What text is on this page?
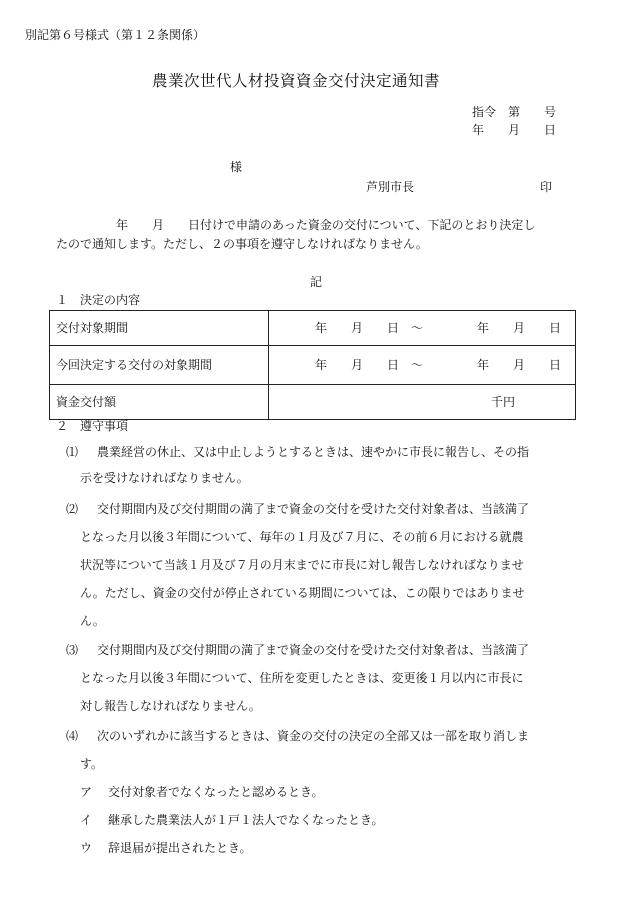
別記第６号様式（第１２条関係）
農業次世代人材投資資金交付決定通知書
指令　第　　号
年　　月　　日
様
芦別市長	印
　　　　　年　　月　　日付けで申請のあった資金の交付について、下記のとおり決定し
たので通知します。ただし、２の事項を遵守しなければなりません。
記
１　決定の内容
交付対象期間	年　　月　　日　～ 年　　月　　日

今回決定する交付の対象期間	年　　月　　日　～ 年　　月　　日

資金交付額	千円
２　遵守事項
⑴ 農業経営の休止、又は中止しようとするときは、速やかに市長に報告し、その指
示を受けなければなりません。
⑵ 交付期間内及び交付期間の満了まで資金の交付を受けた交付対象者は、当該満了
となった月以後３年間について、毎年の１月及び７月に、その前６月における就農
状況等について当該１月及び７月の月末までに市長に対し報告しなければなりませ
ん。ただし、資金の交付が停止されている期間については、この限りではありませ
ん。
⑶ 交付期間内及び交付期間の満了まで資金の交付を受けた交付対象者は、当該満了
となった月以後３年間について、住所を変更したときは、変更後１月以内に市長に
対し報告しなければなりません。
⑷ 次のいずれかに該当するときは、資金の交付の決定の全部又は一部を取り消しま
す。
ア 交付対象者でなくなったと認めるとき。
イ 継承した農業法人が１戸１法人でなくなったとき。
ウ 辞退届が提出されたとき。
